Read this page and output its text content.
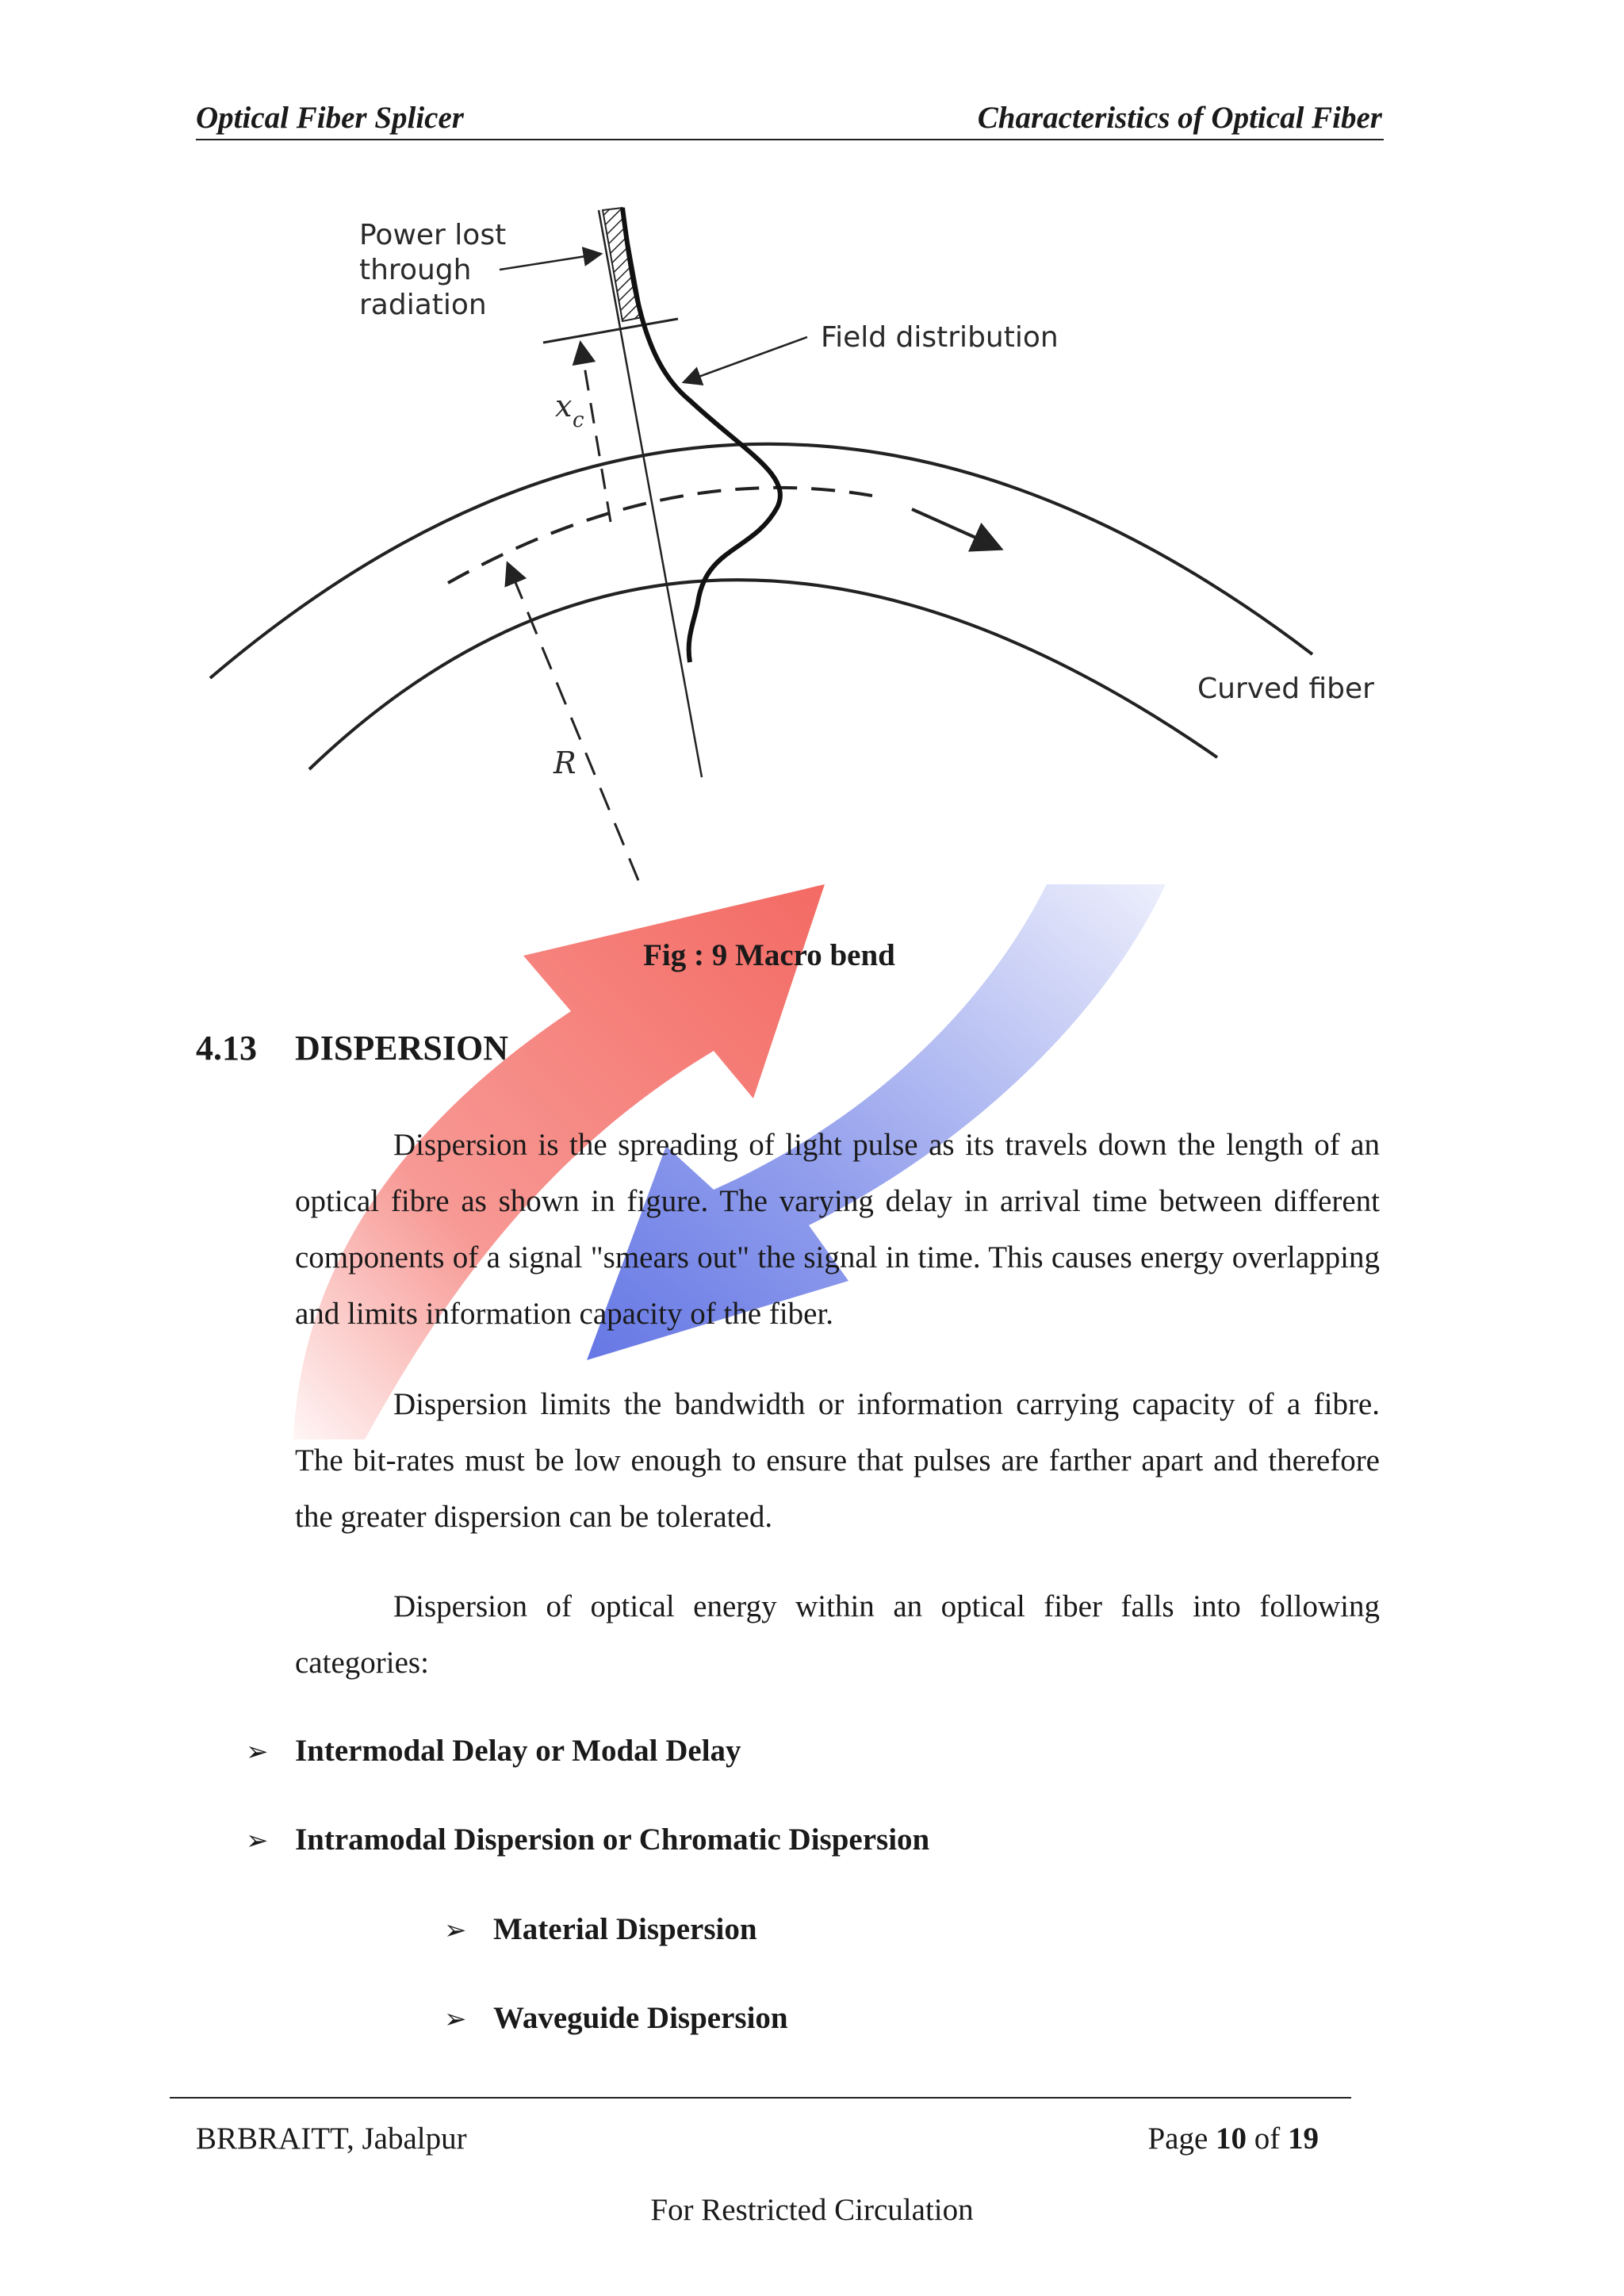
Optical Fiber Splicer	Characteristics of Optical Fiber
Power lost
through
radiation
Field distribution
Curved fiber
x c
R
Fig : 9 Macro bend
4.13 DISPERSION

Dispersion is the spreading of light pulse as its travels down the length of an optical fibre as shown in figure. The varying delay in arrival time between different components of a signal "smears out" the signal in time. This causes energy overlapping and limits information capacity of the fiber.

Dispersion limits the bandwidth or information carrying capacity of a fibre. The bit-rates must be low enough to ensure that pulses are farther apart and therefore the greater dispersion can be tolerated.

Dispersion of optical energy within an optical fiber falls into following categories:

➢ Intermodal Delay or Modal Delay
➢ Intramodal Dispersion or Chromatic Dispersion
➢ Material Dispersion
➢ Waveguide Dispersion
BRBRAITT, Jabalpur	Page 10 of 19
For Restricted Circulation
